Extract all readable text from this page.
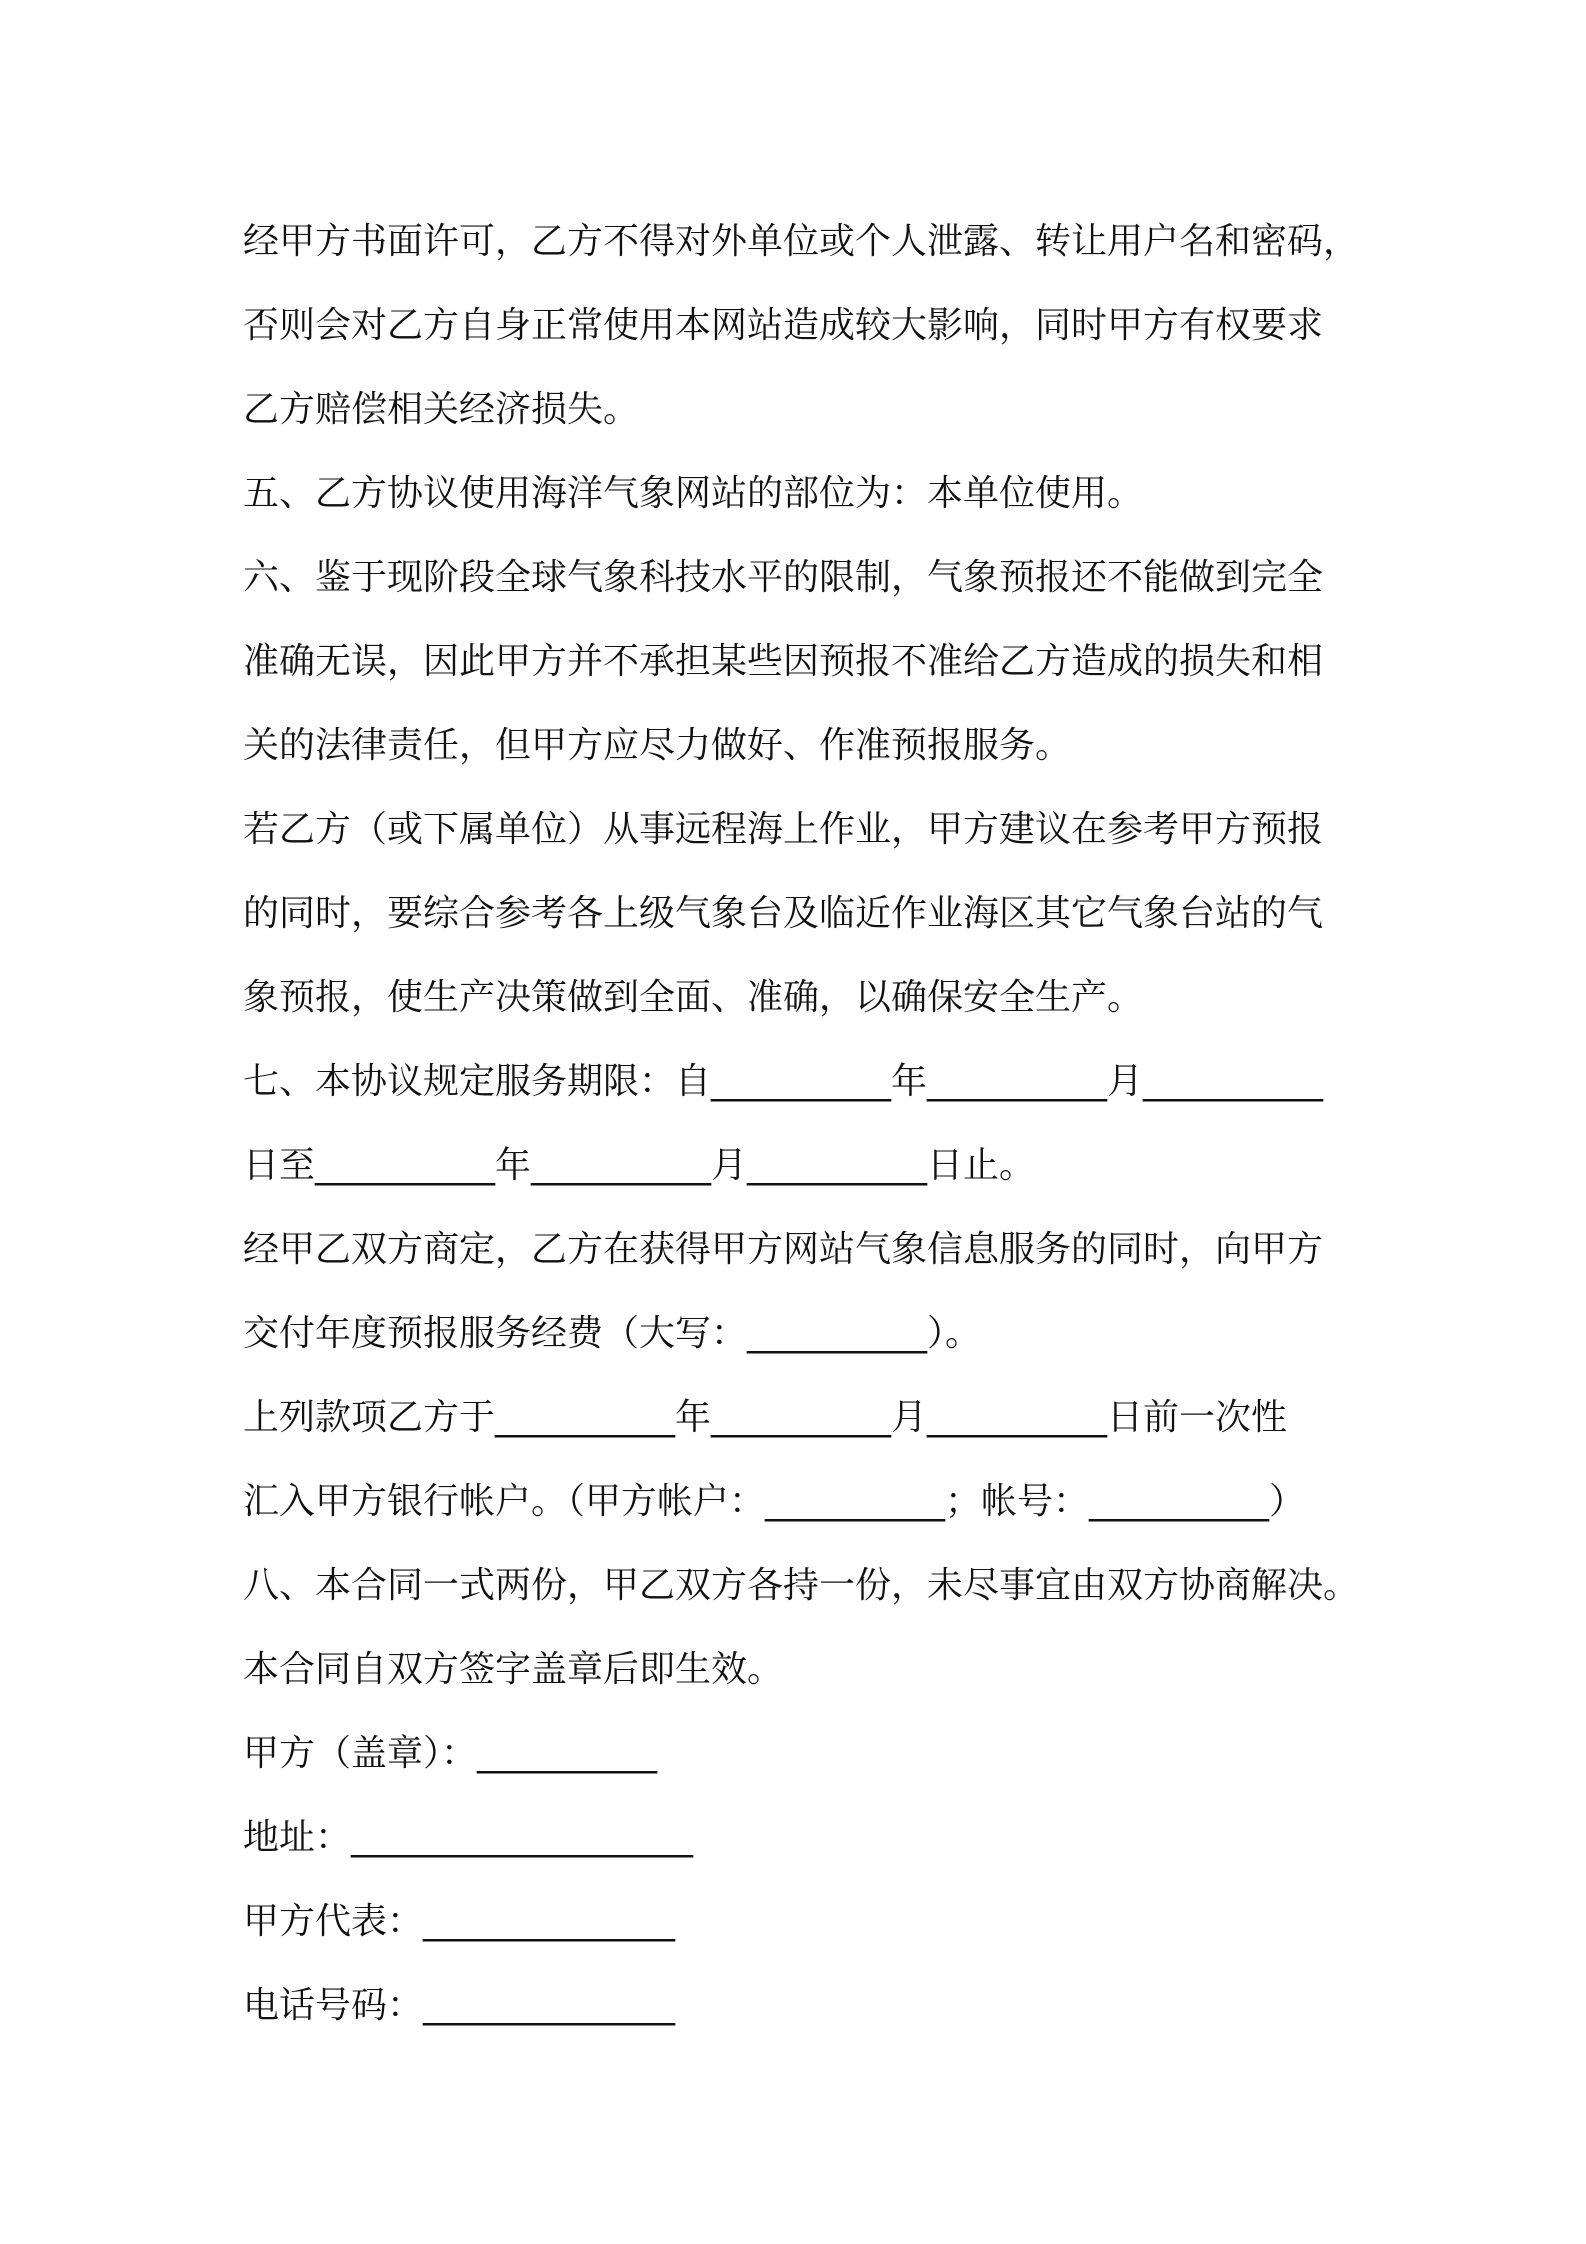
经甲方书面许可，乙方不得对外单位或个人泄露、转让用户名和密码，
否则会对乙方自身正常使用本网站造成较大影响，同时甲方有权要求
乙方赔偿相关经济损失。
五、乙方协议使用海洋气象网站的部位为：本单位使用。
六、鉴于现阶段全球气象科技水平的限制，气象预报还不能做到完全
准确无误，因此甲方并不承担某些因预报不准给乙方造成的损失和相
关的法律责任，但甲方应尽力做好、作准预报服务。
若乙方（或下属单位）从事远程海上作业，甲方建议在参考甲方预报
的同时，要综合参考各上级气象台及临近作业海区其它气象台站的气
象预报，使生产决策做到全面、准确，以确保安全生产。
七、本协议规定服务期限：自__________年__________月__________
日至__________年__________月__________日止。
经甲乙双方商定，乙方在获得甲方网站气象信息服务的同时，向甲方
交付年度预报服务经费（大写：__________）。
上列款项乙方于__________年__________月__________日前一次性
汇入甲方银行帐户。（甲方帐户：__________；帐号：__________）
八、本合同一式两份，甲乙双方各持一份，未尽事宜由双方协商解决。
本合同自双方签字盖章后即生效。
甲方（盖章）：__________
地址：___________________
甲方代表：______________
电话号码：______________
